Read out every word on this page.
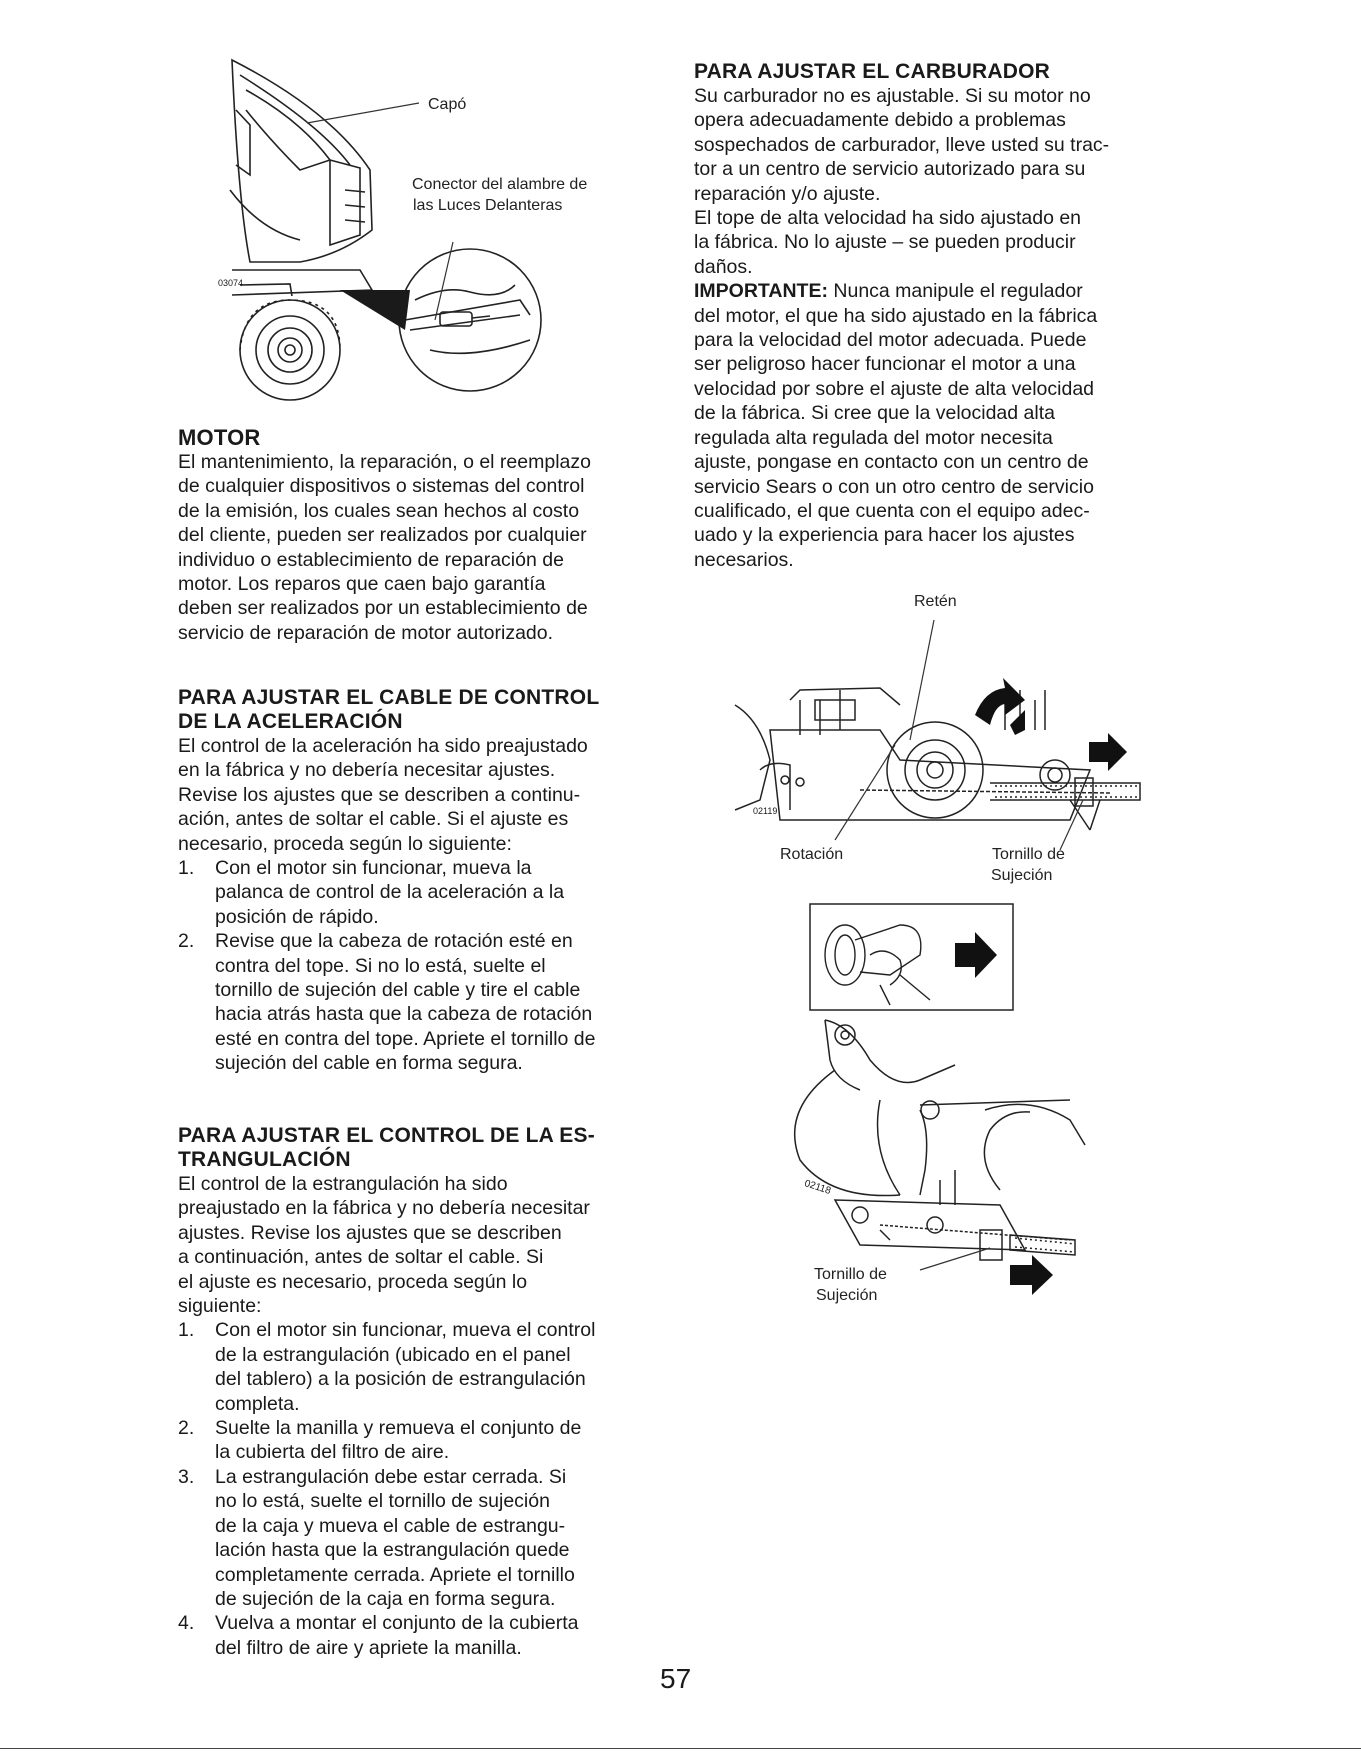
Capó
Conector del alambre de
las Luces Delanteras
03074

MOTOR

El mantenimiento, la reparación, o el reemplazo

de cualquier dispositivos o sistemas del control

de la emisión, los cuales sean hechos al costo

del cliente, pueden ser realizados por cualquier

individuo o establecimiento de reparación de

motor. Los reparos que caen bajo garantía

deben ser realizados por un establecimiento de

servicio de reparación de motor autorizado.

PARA AJUSTAR EL CABLE DE CONTROL

DE LA ACELERACIÓN

El control de la aceleración ha sido preajustado

en la fábrica y no debería necesitar ajustes.

Revise los ajustes que se describen a continu-

ación, antes de soltar el cable. Si el ajuste es

necesario, proceda según lo siguiente:

1. Con el motor sin funcionar, mueva la
palanca de control de la aceleración a la
posición de rápido.
2. Revise que la cabeza de rotación esté en
contra del tope. Si no lo está, suelte el
tornillo de sujeción del cable y tire el cable
hacia atrás hasta que la cabeza de rotación
esté en contra del tope. Apriete el tornillo de
sujeción del cable en forma segura.

PARA AJUSTAR EL CONTROL DE LA ES-

TRANGULACIÓN

El control de la estrangulación ha sido

preajustado en la fábrica y no debería necesitar

ajustes. Revise los ajustes que se describen

a continuación, antes de soltar el cable. Si

el ajuste es necesario, proceda según lo

siguiente:

1. Con el motor sin funcionar, mueva el control
de la estrangulación (ubicado en el panel
del tablero) a la posición de estrangulación
completa.
2. Suelte la manilla y remueva el conjunto de
la cubierta del filtro de aire.
3. La estrangulación debe estar cerrada. Si
no lo está, suelte el tornillo de sujeción
de la caja y mueva el cable de estrangu-
lación hasta que la estrangulación quede
completamente cerrada. Apriete el tornillo
de sujeción de la caja en forma segura.
4. Vuelva a montar el conjunto de la cubierta
del filtro de aire y apriete la manilla.

PARA AJUSTAR EL CARBURADOR

Su carburador no es ajustable. Si su motor no

opera adecuadamente debido a problemas

sospechados de carburador, lleve usted su trac-

tor a un centro de servicio autorizado para su

reparación y/o ajuste.

El tope de alta velocidad ha sido ajustado en

la fábrica. No lo ajuste – se pueden producir

daños.

IMPORTANTE: Nunca manipule el regulador

del motor, el que ha sido ajustado en la fábrica

para la velocidad del motor adecuada. Puede

ser peligroso hacer funcionar el motor a una

velocidad por sobre el ajuste de alta velocidad

de la fábrica. Si cree que la velocidad alta

regulada alta regulada del motor necesita

ajuste, pongase en contacto con un centro de

servicio Sears o con un otro centro de servicio

cualificado, el que cuenta con el equipo adec-

uado y la experiencia para hacer los ajustes

necesarios.

Retén
02119
Rotación	Tornillo de
Sujeción
02118
Tornillo de
Sujeción
57
